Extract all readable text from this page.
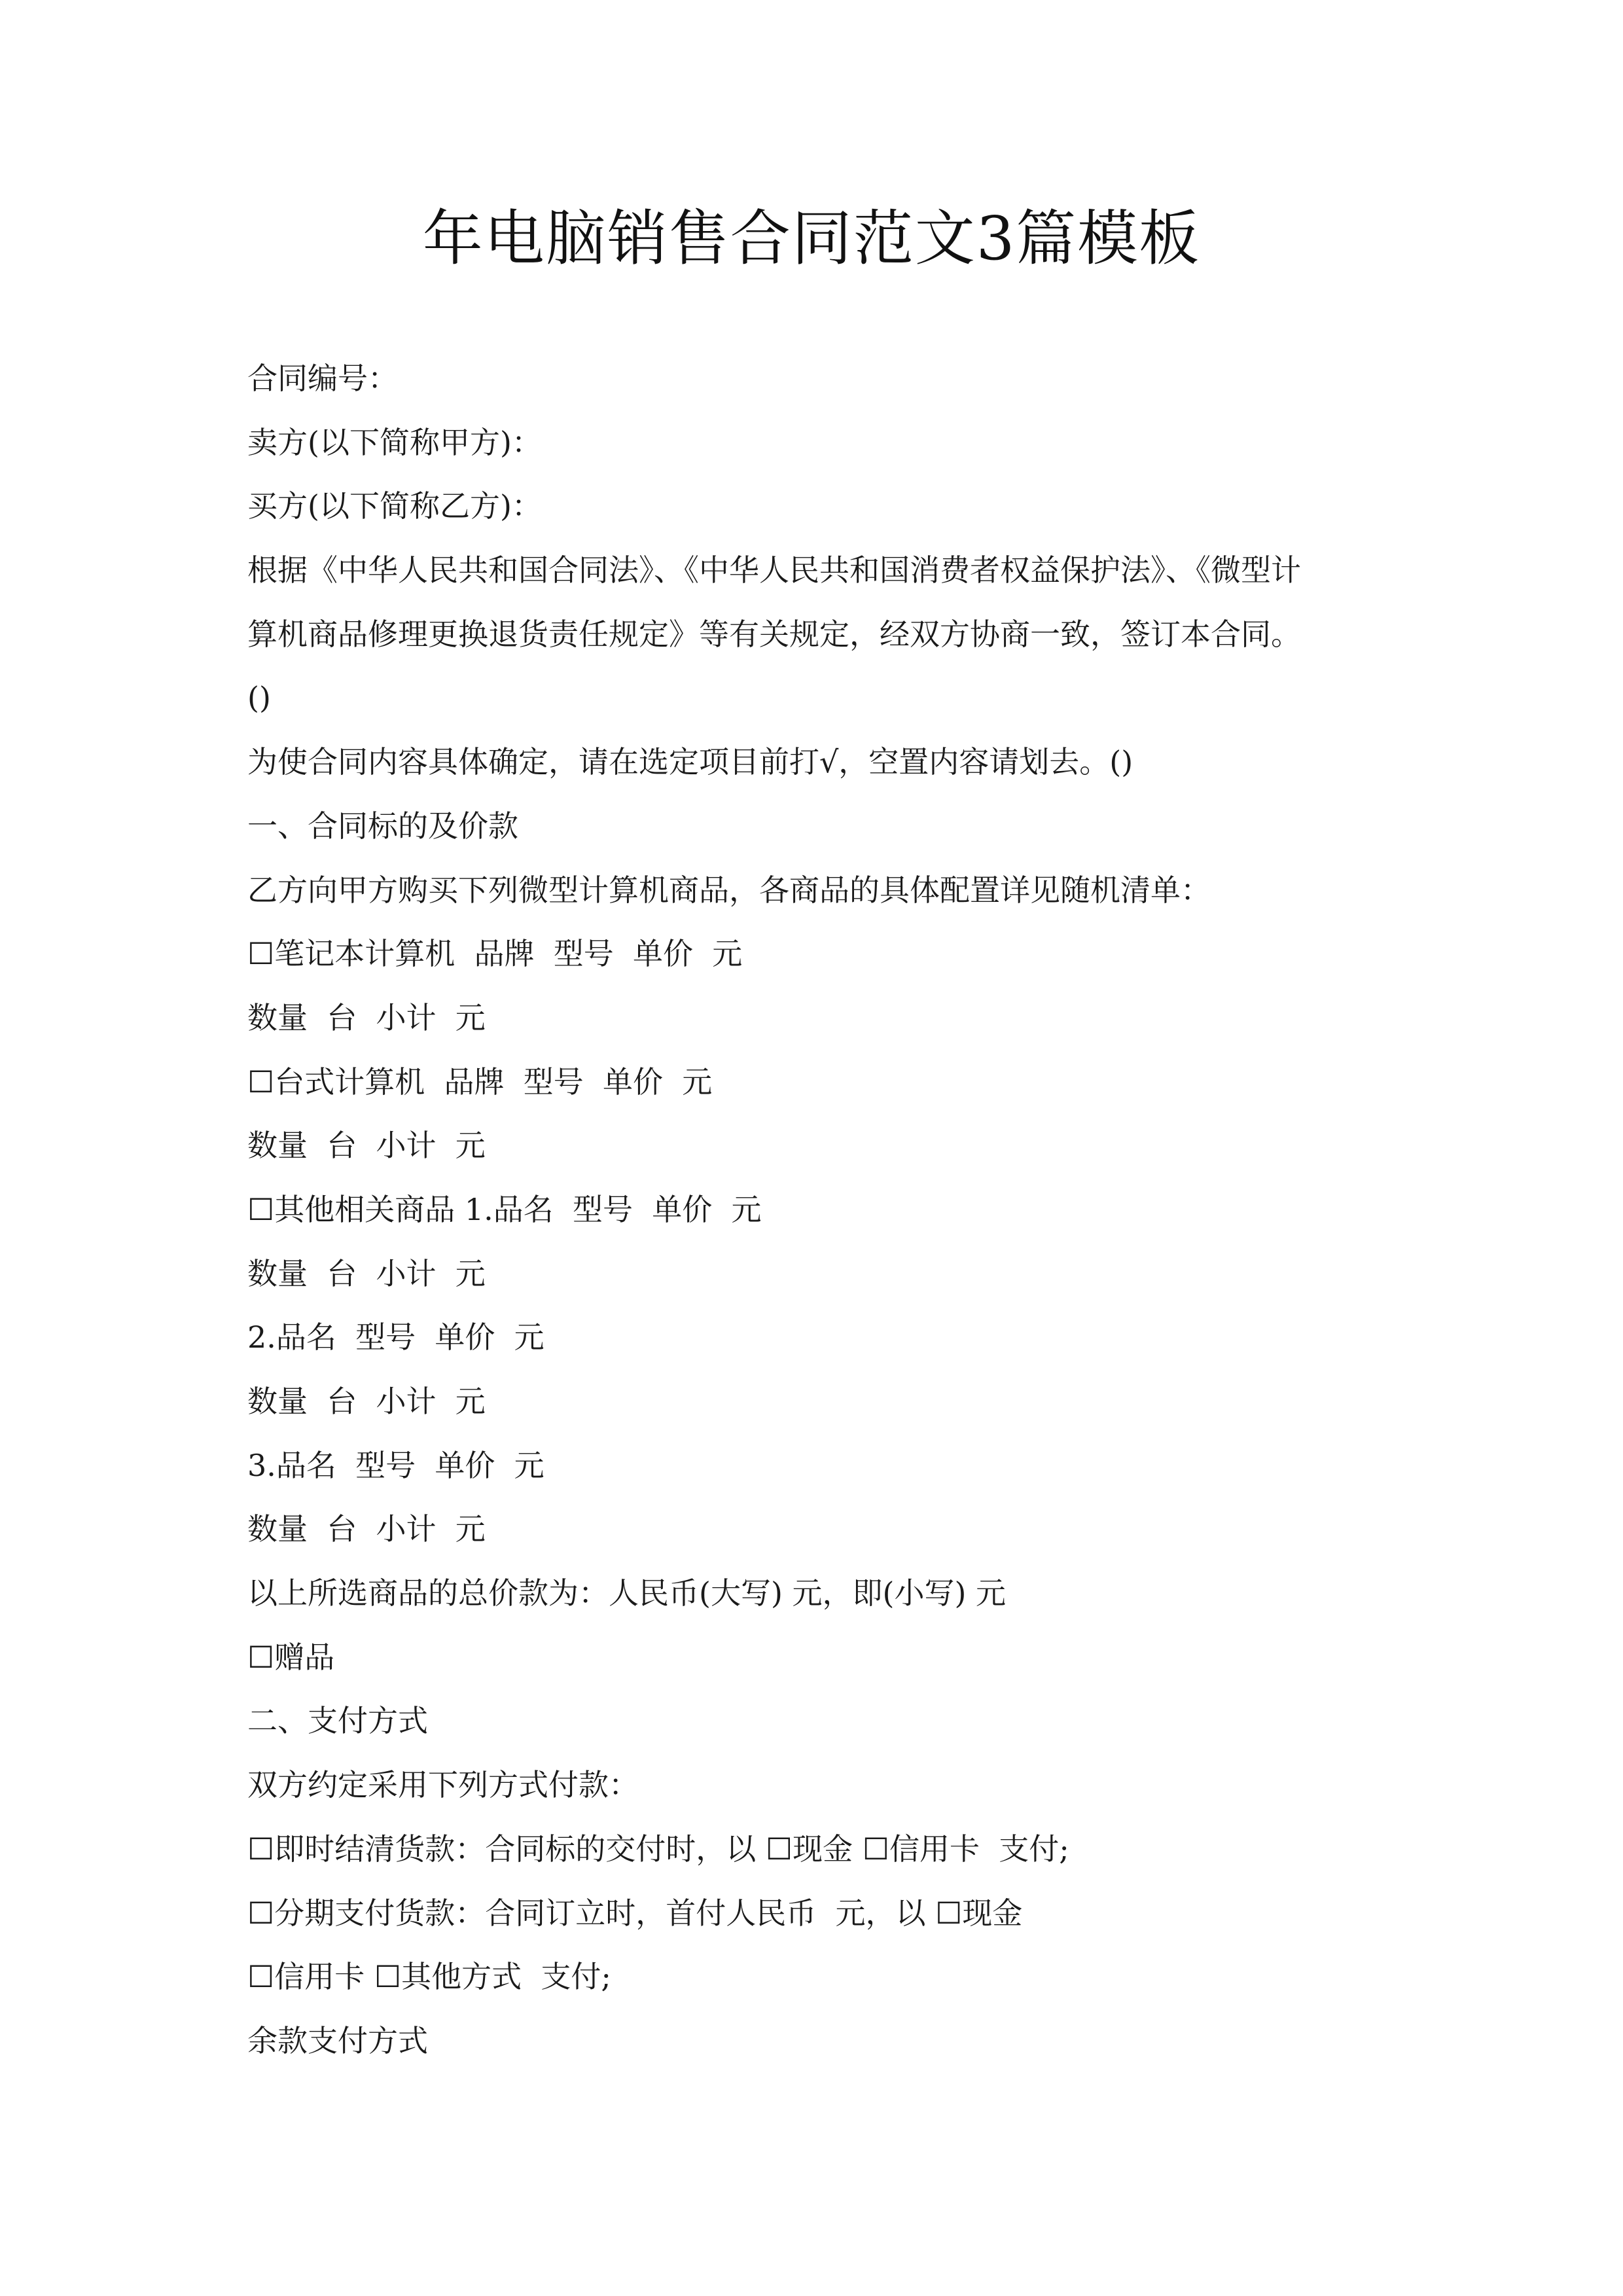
年电脑销售合同范文3篇模板
合同编号：
卖方(以下简称甲方)：
买方(以下简称乙方)：
根据《中华人民共和国合同法》、《中华人民共和国消费者权益保护法》、《微型计
算机商品修理更换退货责任规定》等有关规定，经双方协商一致，签订本合同。
()
为使合同内容具体确定，请在选定项目前打√，空置内容请划去。()
一、合同标的及价款
乙方向甲方购买下列微型计算机商品，各商品的具体配置详见随机清单：
☐笔记本计算机  品牌  型号  单价  元
数量  台  小计  元
☐台式计算机  品牌  型号  单价  元
数量  台  小计  元
☐其他相关商品 1.品名  型号  单价  元
数量  台  小计  元
2.品名  型号  单价  元
数量  台  小计  元
3.品名  型号  单价  元
数量  台  小计  元
以上所选商品的总价款为：人民币(大写) 元，即(小写) 元
☐赠品
二、支付方式
双方约定采用下列方式付款：
☐即时结清货款：合同标的交付时，以 ☐现金 ☐信用卡  支付;
☐分期支付货款：合同订立时，首付人民币  元，以 ☐现金
☐信用卡 ☐其他方式  支付;
余款支付方式
